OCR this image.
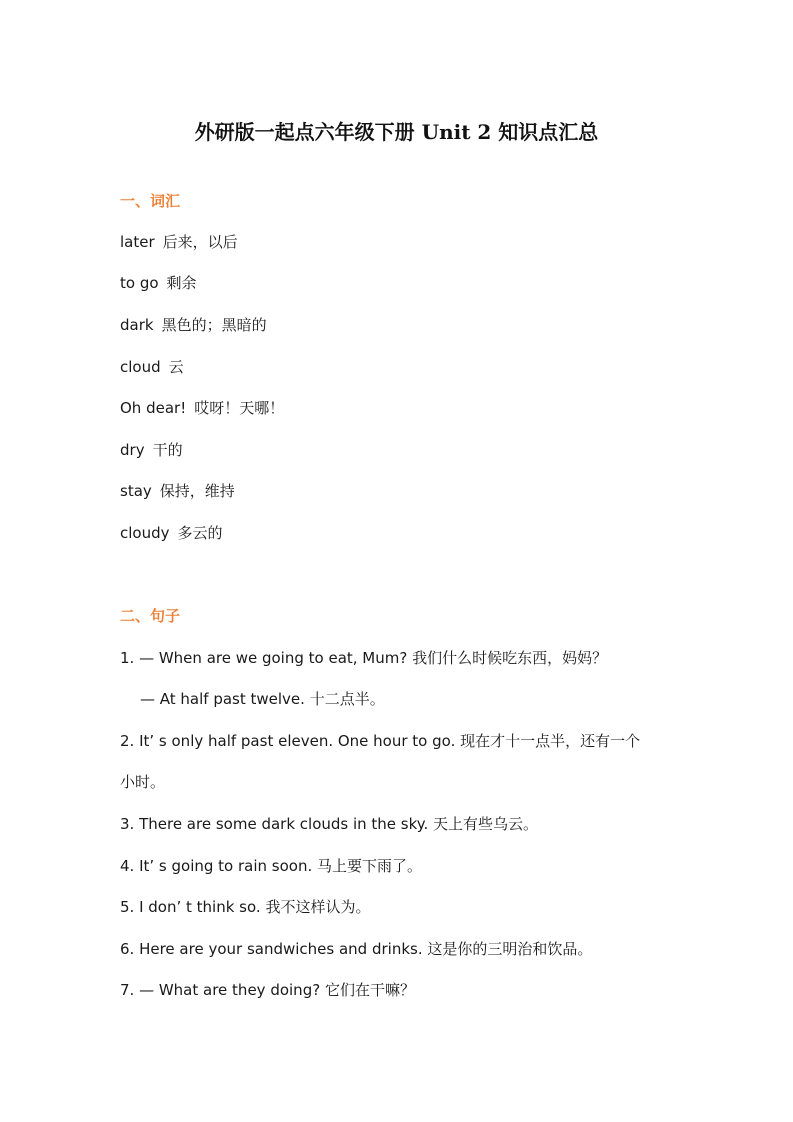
外研版一起点六年级下册 Unit 2 知识点汇总
一、词汇
later 后来，以后
to go 剩余
dark 黑色的；黑暗的
cloud 云
Oh dear! 哎呀！天哪！
dry 干的
stay 保持，维持
cloudy 多云的
二、句子
1. — When are we going to eat, Mum? 我们什么时候吃东西，妈妈？
— At half past twelve. 十二点半。
2. It’ s only half past eleven. One hour to go. 现在才十一点半，还有一个
小时。
3. There are some dark clouds in the sky. 天上有些乌云。
4. It’ s going to rain soon. 马上要下雨了。
5. I don’ t think so. 我不这样认为。
6. Here are your sandwiches and drinks. 这是你的三明治和饮品。
7. — What are they doing? 它们在干嘛？
